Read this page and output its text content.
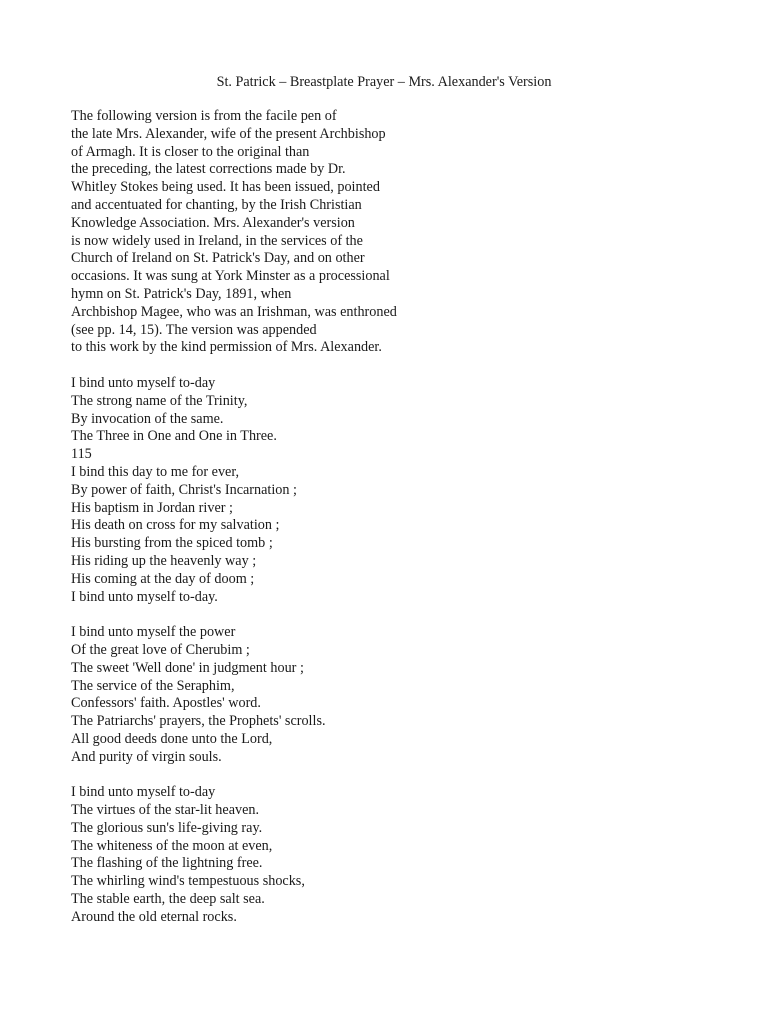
St. Patrick – Breastplate Prayer – Mrs. Alexander's Version
The following version is from the facile pen of
the late Mrs. Alexander, wife of the present Archbishop
of Armagh. It is closer to the original than
the preceding, the latest corrections made by Dr.
Whitley Stokes being used. It has been issued, pointed
and accentuated for chanting, by the Irish Christian
Knowledge Association. Mrs. Alexander's version
is now widely used in Ireland, in the services of the
Church of Ireland on St. Patrick's Day, and on other
occasions. It was sung at York Minster as a processional
hymn on St. Patrick's Day, 1891, when
Archbishop Magee, who was an Irishman, was enthroned
(see pp. 14, 15). The version was appended
to this work by the kind permission of Mrs. Alexander.
I bind unto myself to-day
The strong name of the Trinity,
By invocation of the same.
The Three in One and One in Three.
115
I bind this day to me for ever,
By power of faith, Christ's Incarnation ;
His baptism in Jordan river ;
His death on cross for my salvation ;
His bursting from the spiced tomb ;
His riding up the heavenly way ;
His coming at the day of doom ;
I bind unto myself to-day.
I bind unto myself the power
Of the great love of Cherubim ;
The sweet 'Well done' in judgment hour ;
The service of the Seraphim,
Confessors' faith. Apostles' word.
The Patriarchs' prayers, the Prophets' scrolls.
All good deeds done unto the Lord,
And purity of virgin souls.
I bind unto myself to-day
The virtues of the star-lit heaven.
The glorious sun's life-giving ray.
The whiteness of the moon at even,
The flashing of the lightning free.
The whirling wind's tempestuous shocks,
The stable earth, the deep salt sea.
Around the old eternal rocks.
